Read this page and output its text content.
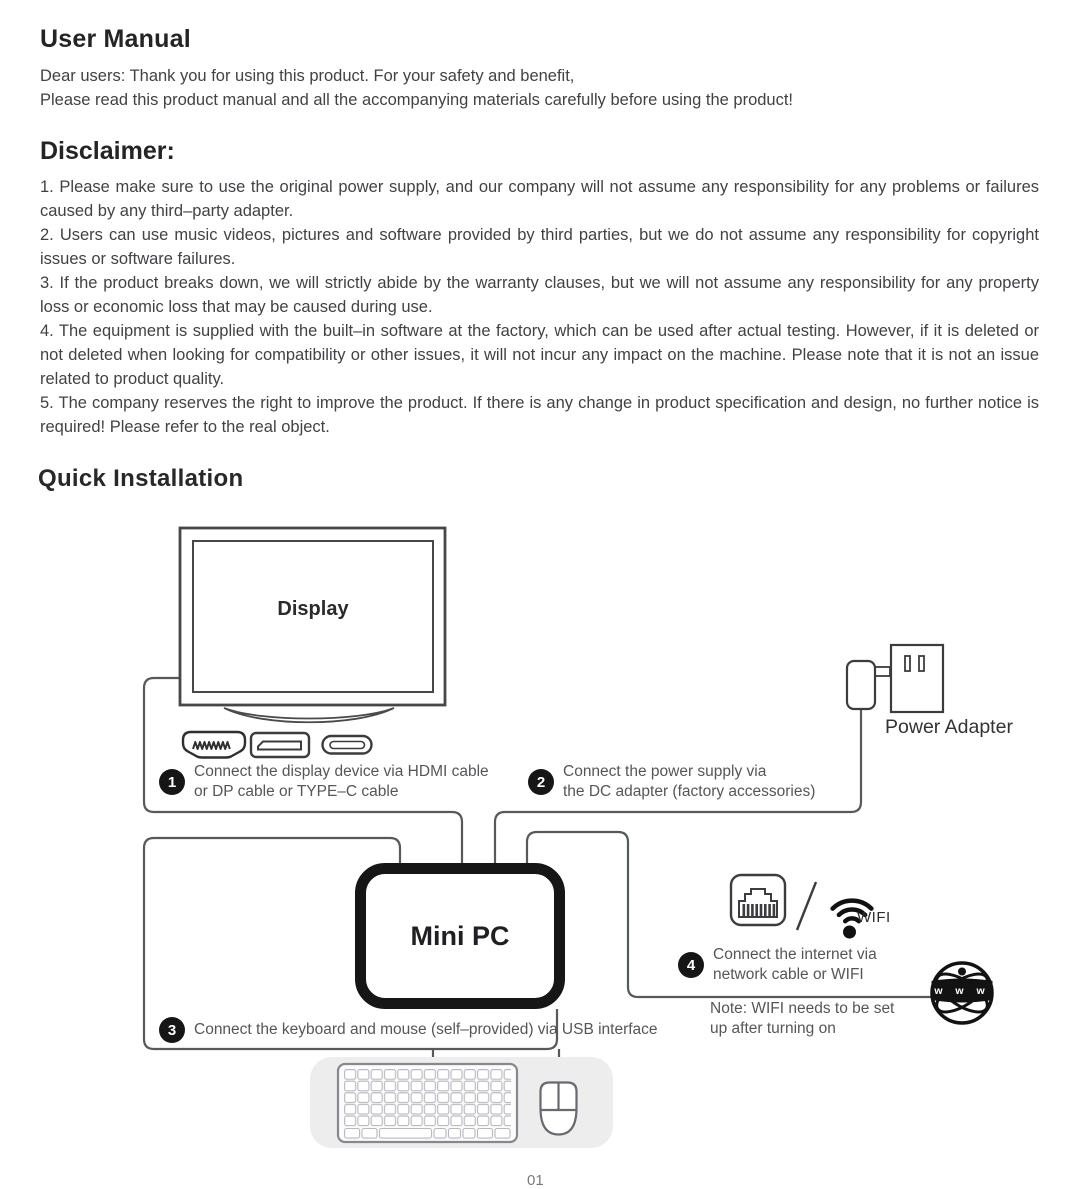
User Manual
Dear users: Thank you for using this product. For your safety and benefit,
Please read this product manual and all the accompanying materials carefully before using the product!
Disclaimer:

1. Please make sure to use the original power supply, and our company will not assume any responsibility for any problems or failures caused by any third–party adapter.

2. Users can use music videos, pictures and software provided by third parties, but we do not assume any responsibility for copyright issues or software failures.

3. If the product breaks down, we will strictly abide by the warranty clauses, but we will not assume any responsibility for any property loss or economic loss that may be caused during use.

4. The equipment is supplied with the built–in software at the factory, which can be used after actual testing. However, if it is deleted or not deleted when looking for compatibility or other issues, it will not incur any impact on the machine. Please note that it is not an issue related to product quality.

5. The company reserves the right to improve the product. If there is any change in product specification and design, no further notice is required! Please refer to the real object.

Quick Installation
Display
Mini PC
Power Adapter
WIFI
w w w
1
Connect the display device via HDMI cable
or DP cable or TYPE–C cable
2
Connect the power supply via
the DC adapter (factory accessories)
3	Connect the keyboard and mouse (self–provided) via USB interface
4
Connect the internet via
network cable or WIFI
Note: WIFI needs to be set
up after turning on
01
